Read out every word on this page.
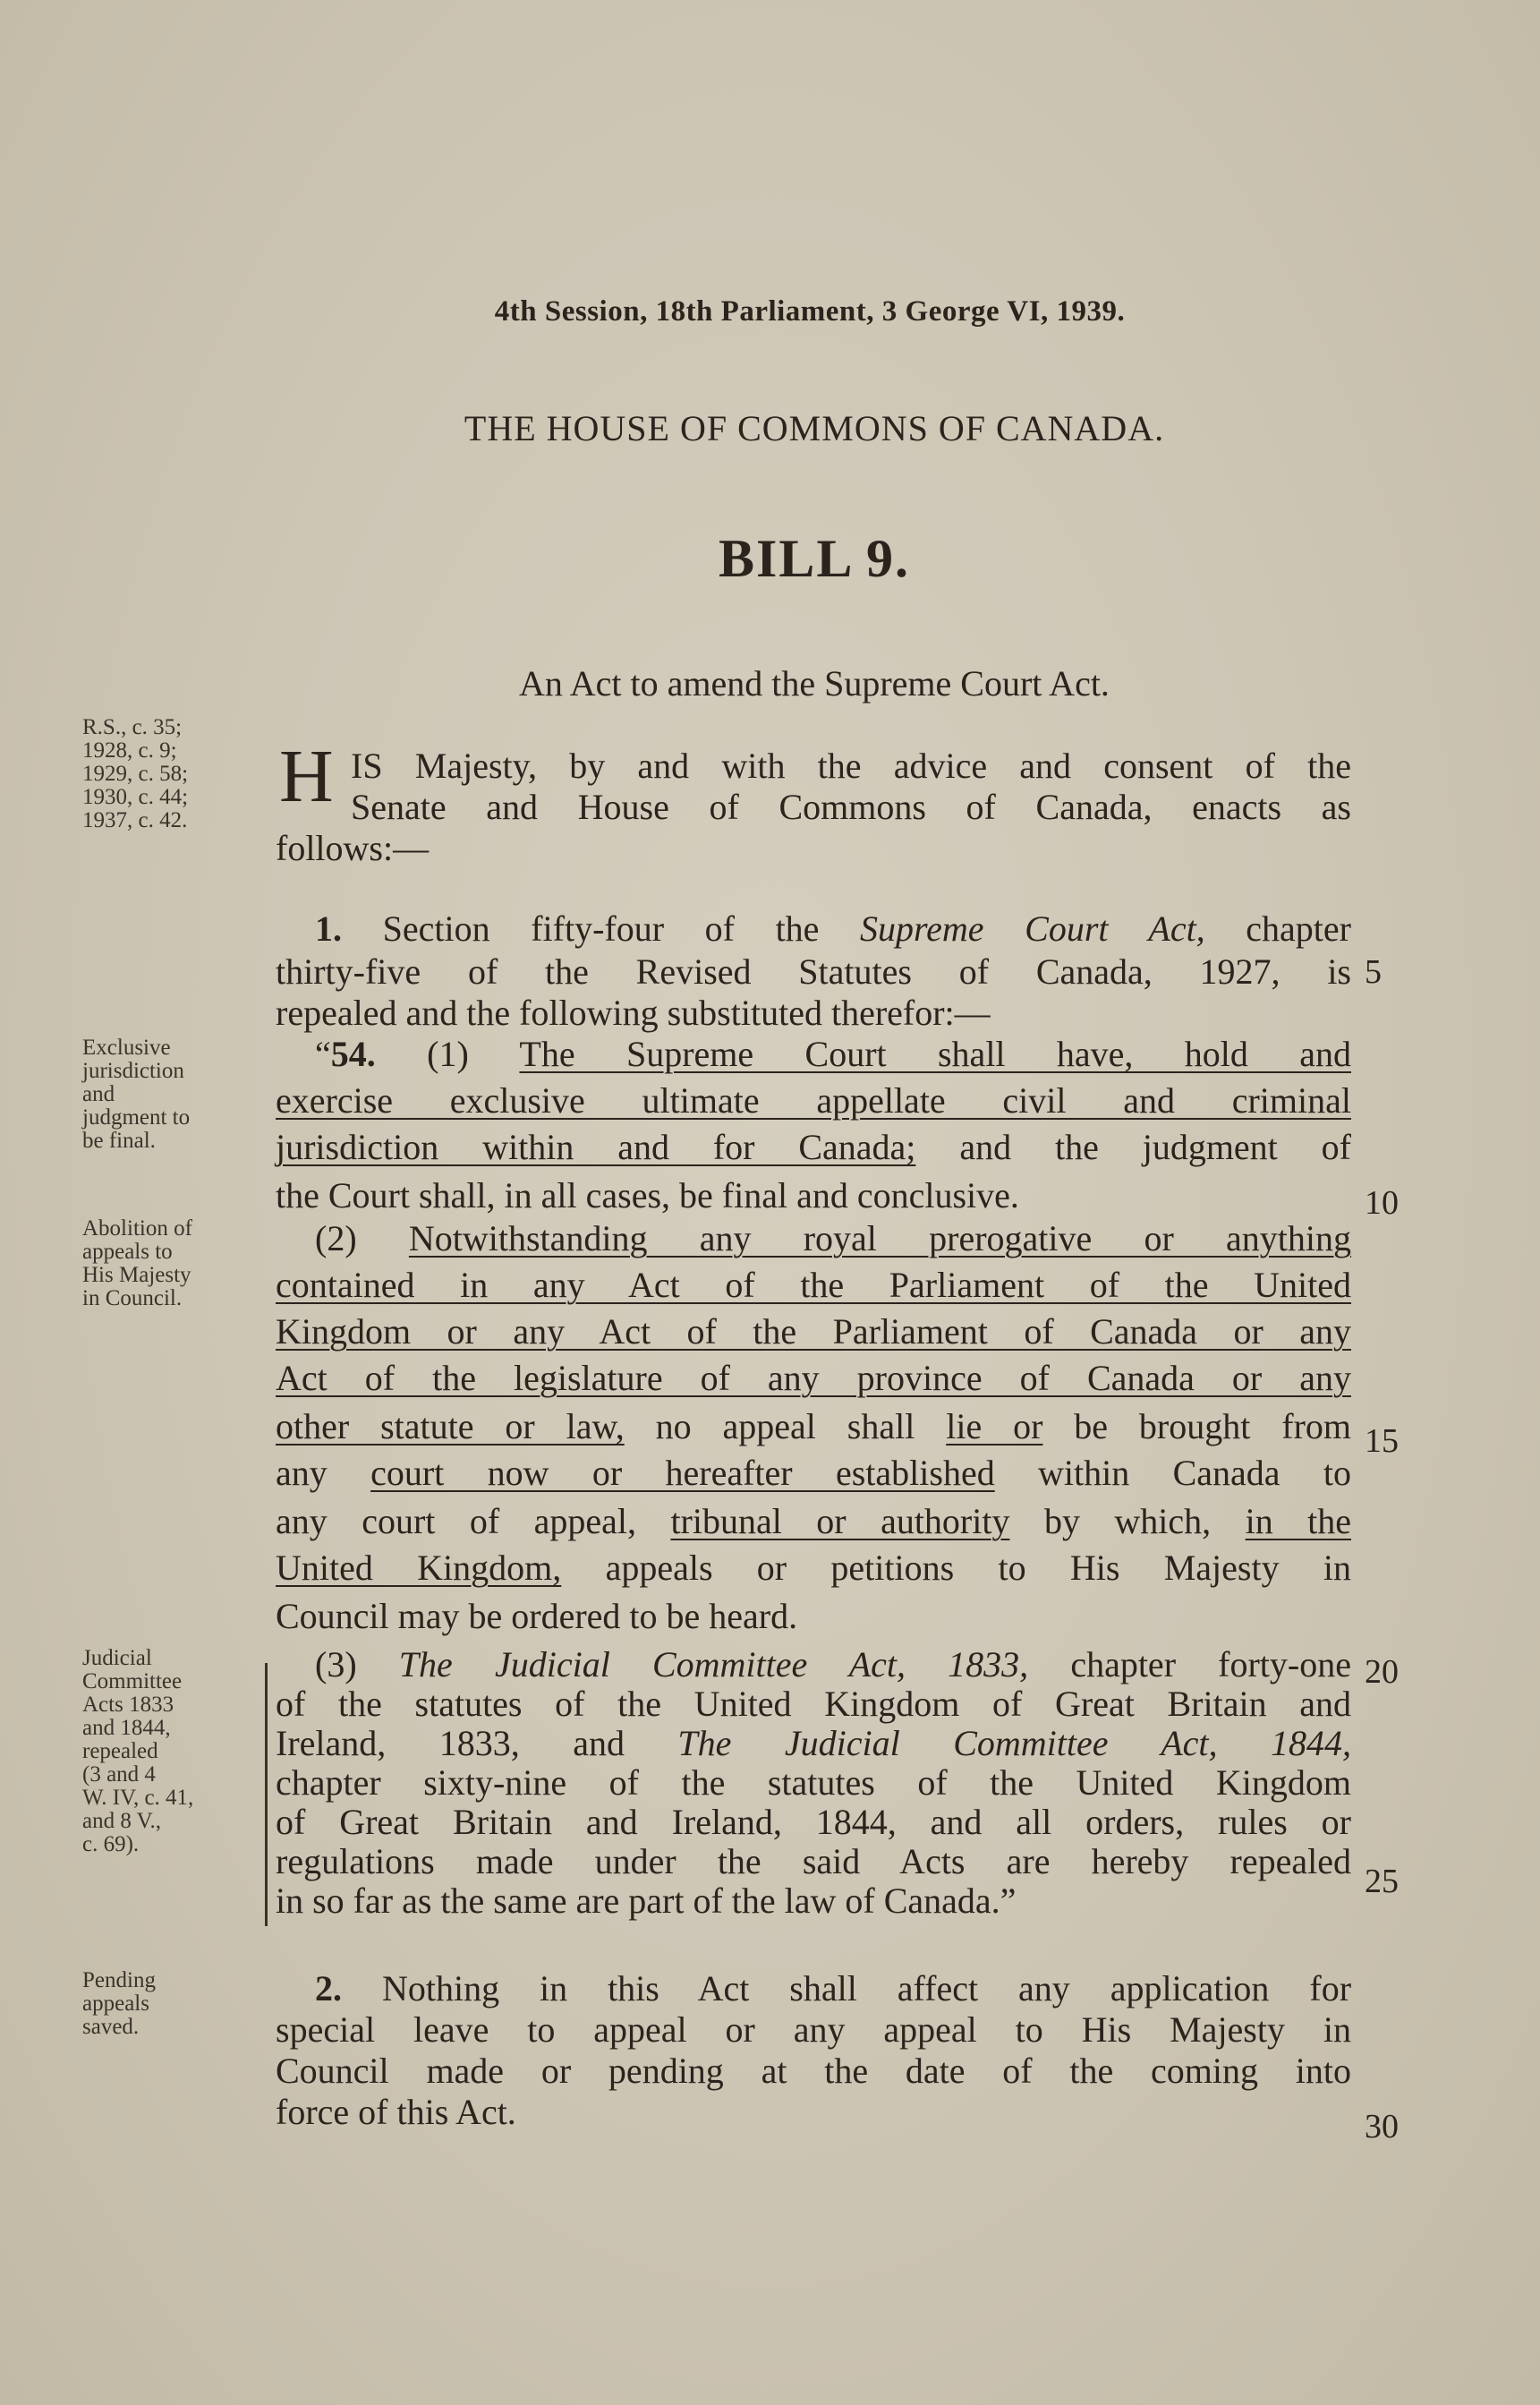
4th Session, 18th Parliament, 3 George VI, 1939.
THE HOUSE OF COMMONS OF CANADA.
BILL 9.
An Act to amend the Supreme Court Act.
R.S., c. 35;
1928, c. 9;
1929, c. 58;
1930, c. 44;
1937, c. 42.
Exclusive
jurisdiction
and
judgment to
be final.
Abolition of
appeals to
His Majesty
in Council.
Judicial
Committee
Acts 1833
and 1844,
repealed
(3 and 4
W. IV, c. 41,
and 8 V.,
c. 69).
Pending
appeals
saved.
H IS Majesty, by and with the advice and consent of the
Senate and House of Commons of Canada, enacts as
follows:—
1. Section fifty-four of the Supreme Court Act, chapter
thirty-five of the Revised Statutes of Canada, 1927, is
repealed and the following substituted therefor:—
“54. (1) The Supreme Court shall have, hold and
exercise exclusive ultimate appellate civil and criminal
jurisdiction within and for Canada; and the judgment of
the Court shall, in all cases, be final and conclusive.
(2) Notwithstanding any royal prerogative or anything
contained in any Act of the Parliament of the United
Kingdom or any Act of the Parliament of Canada or any
Act of the legislature of any province of Canada or any
other statute or law, no appeal shall lie or be brought from
any court now or hereafter established within Canada to
any court of appeal, tribunal or authority by which, in the
United Kingdom, appeals or petitions to His Majesty in
Council may be ordered to be heard.
(3) The Judicial Committee Act, 1833, chapter forty-one
of the statutes of the United Kingdom of Great Britain and
Ireland, 1833, and The Judicial Committee Act, 1844,
chapter sixty-nine of the statutes of the United Kingdom
of Great Britain and Ireland, 1844, and all orders, rules or
regulations made under the said Acts are hereby repealed
in so far as the same are part of the law of Canada.”
2. Nothing in this Act shall affect any application for
special leave to appeal or any appeal to His Majesty in
Council made or pending at the date of the coming into
force of this Act.
5
10
15
20
25
30
